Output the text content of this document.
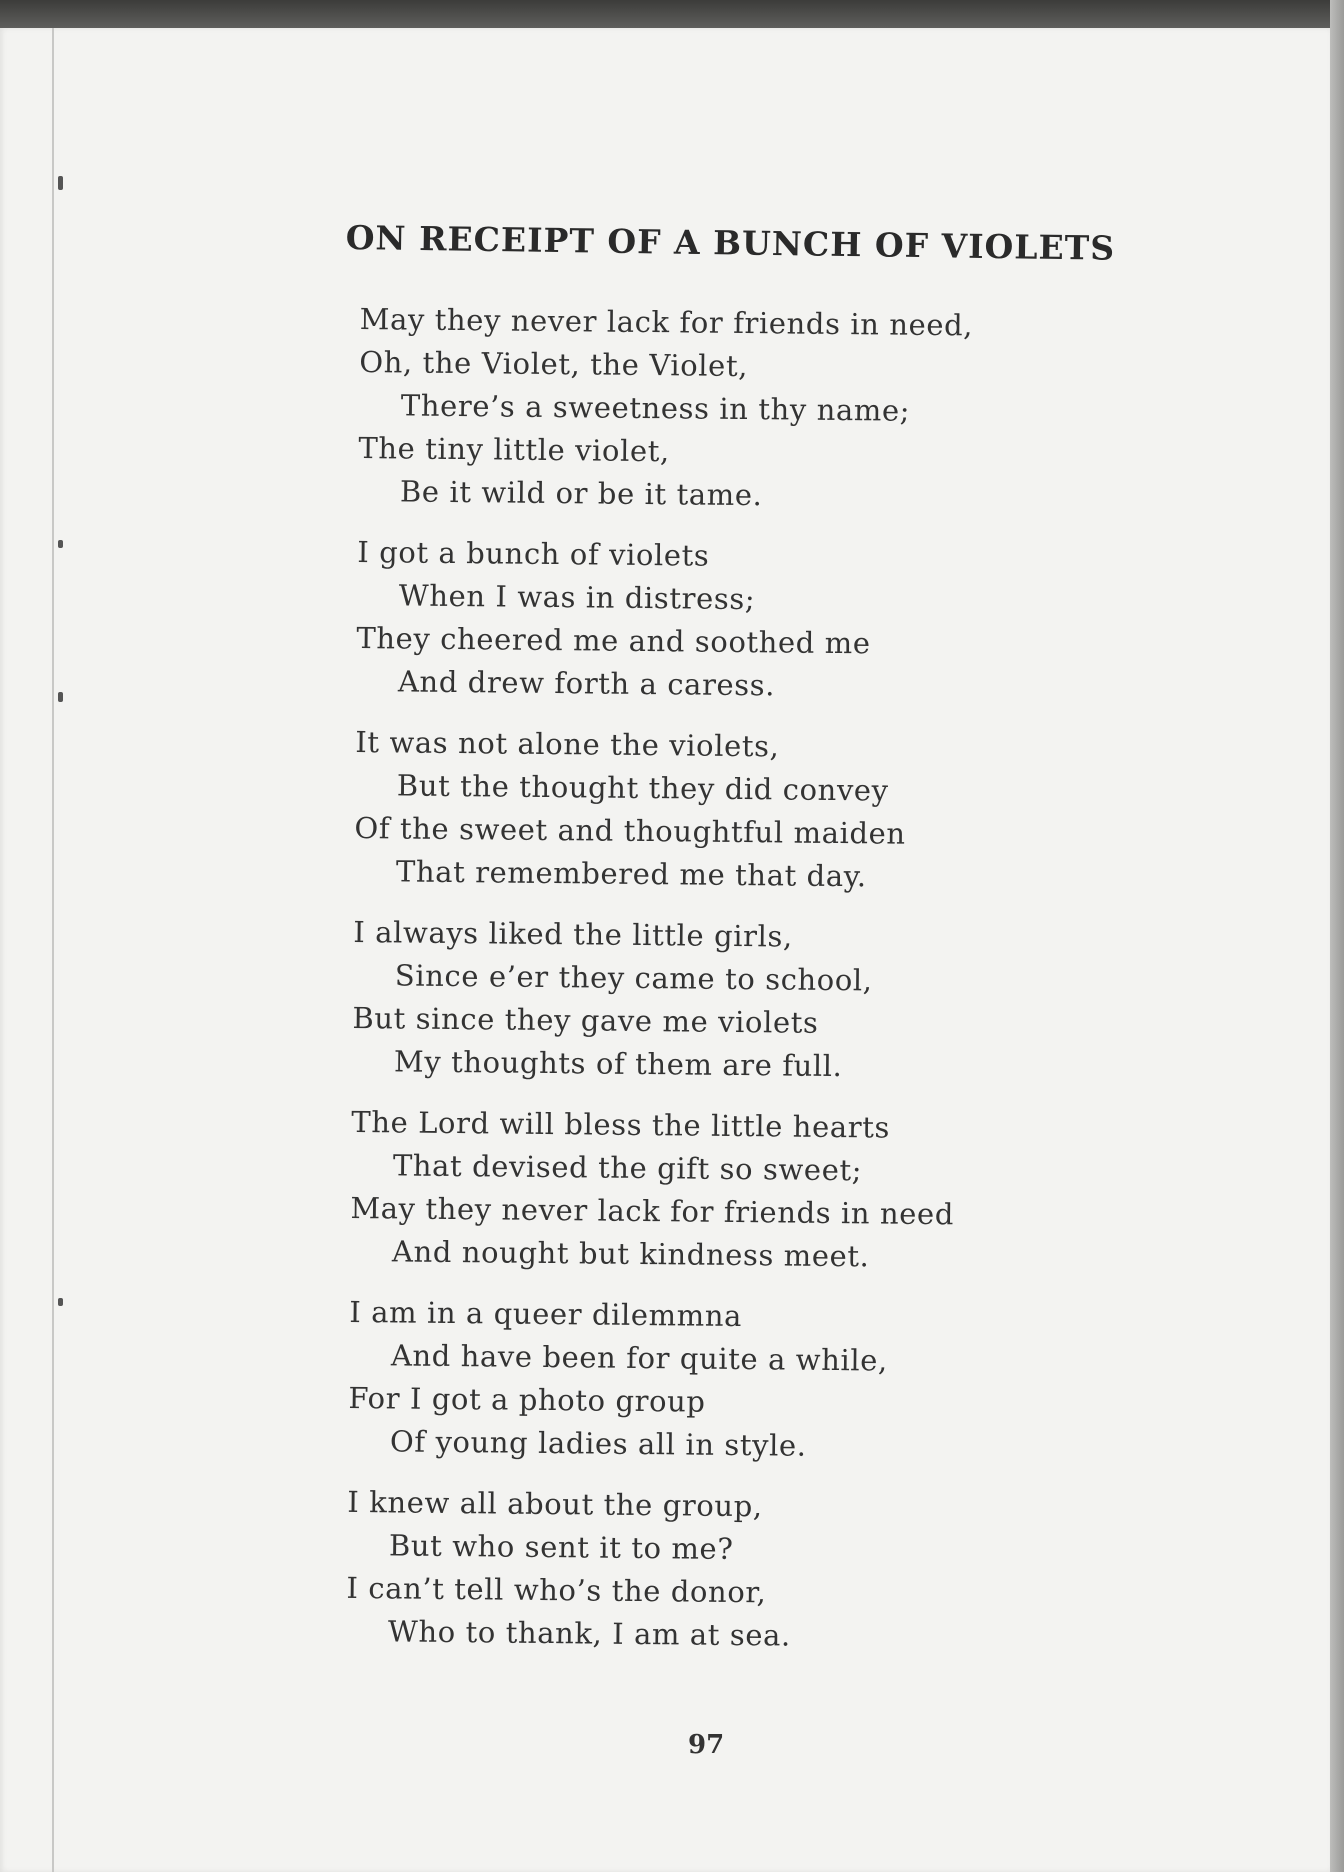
ON RECEIPT OF A BUNCH OF VIOLETS
May they never lack for friends in need,
Oh, the Violet, the Violet,
There’s a sweetness in thy name;
The tiny little violet,
Be it wild or be it tame.
I got a bunch of violets
When I was in distress;
They cheered me and soothed me
And drew forth a caress.
It was not alone the violets,
But the thought they did convey
Of the sweet and thoughtful maiden
That remembered me that day.
I always liked the little girls,
Since e’er they came to school,
But since they gave me violets
My thoughts of them are full.
The Lord will bless the little hearts
That devised the gift so sweet;
May they never lack for friends in need
And nought but kindness meet.
I am in a queer dilemmna
And have been for quite a while,
For I got a photo group
Of young ladies all in style.
I knew all about the group,
But who sent it to me?
I can’t tell who’s the donor,
Who to thank, I am at sea.
97
